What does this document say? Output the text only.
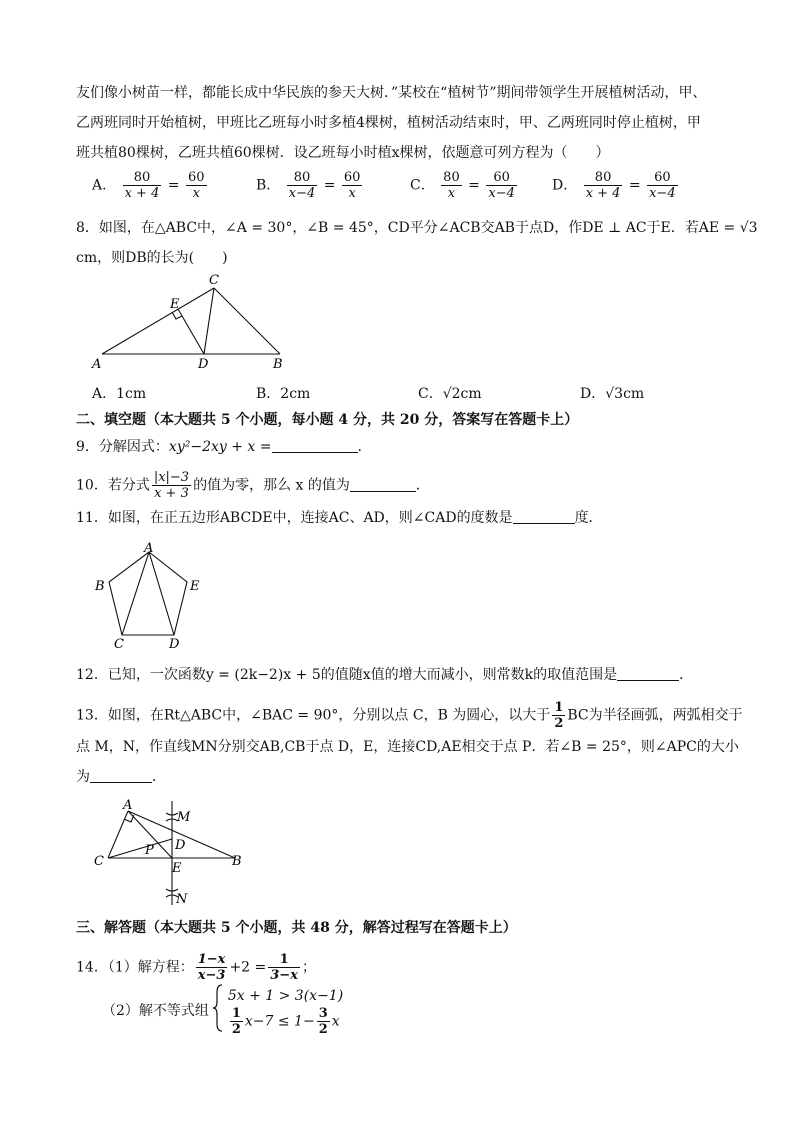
友们像小树苗一样，都能长成中华民族的参天大树．”某校在“植树节”期间带领学生开展植树活动，甲、
乙两班同时开始植树，甲班比乙班每小时多植4棵树，植树活动结束时，甲、乙两班同时停止植树，甲
班共植80棵树，乙班共植60棵树．设乙班每小时植x棵树，依题意可列方程为（　　）
A． $\frac{80}{x + 4} = \frac{60}{x}$	B． $\frac{80}{x-4} = \frac{60}{x}$	C． $\frac{80}{x} = \frac{60}{x-4}$	D． $\frac{80}{x + 4} = \frac{60}{x-4}$
8．如图，在△ABC中，∠A = 30°，∠B = 45°，CD平分∠ACB交AB于点D，作DE ⊥ AC于E．若AE = √3
cm，则DB的长为(　　)
A	B
C
D
E
A．1cm	B．2cm	C．√2cm	D．√3cm
二、填空题（本大题共 5 个小题，每小题 4 分，共 20 分，答案写在答题卡上）
9．分解因式：xy²−2xy + x =	.
10．若分式 $\frac{|x|-3}{x + 3}$ 的值为零，那么 x 的值为	．
11．如图，在正五边形ABCDE中，连接AC、AD，则∠CAD的度数是	度．
A
B
C	D
E
12．已知，一次函数y = (2k−2)x + 5的值随x值的增大而减小，则常数k的取值范围是	．
13．如图，在Rt△ABC中，∠BAC = 90°，分别以点 C，B 为圆心，以大于 $\frac{1}{2}$ BC为半径画弧，两弧相交于
点 M，N，作直线MN分别交AB,CB于点 D，E，连接CD,AE相交于点 P．若∠B = 25°，则∠APC的大小
为	．
A
M
D
P
C	E	B
N
三、解答题（本大题共 5 个小题，共 48 分，解答过程写在答题卡上）
14．（1）解方程： $\frac{1-x}{x-3} +2 = \frac{1}{3-x}$ ；
（2）解不等式组
5x + 1 > 3(x−1)
$\frac{1}{2} x-7 \le 1- \frac{3}{2}$ x
